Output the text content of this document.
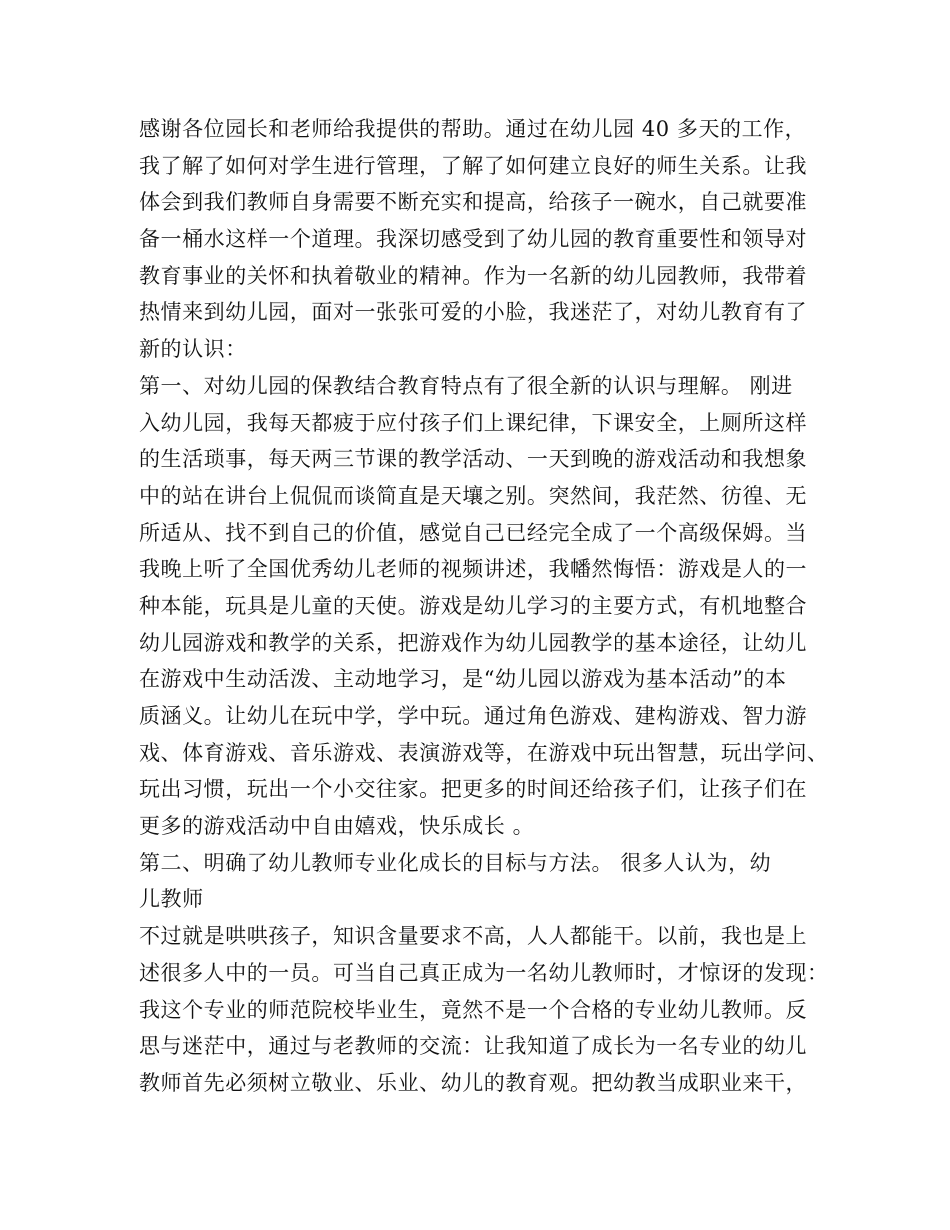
感谢各位园长和老师给我提供的帮助。通过在幼儿园 40 多天的工作，
我了解了如何对学生进行管理，了解了如何建立良好的师生关系。让我
体会到我们教师自身需要不断充实和提高，给孩子一碗水，自己就要准
备一桶水这样一个道理。我深切感受到了幼儿园的教育重要性和领导对
教育事业的关怀和执着敬业的精神。作为一名新的幼儿园教师，我带着
热情来到幼儿园，面对一张张可爱的小脸，我迷茫了，对幼儿教育有了
新的认识：
第一、对幼儿园的保教结合教育特点有了很全新的认识与理解。 刚进
入幼儿园，我每天都疲于应付孩子们上课纪律，下课安全，上厕所这样
的生活琐事，每天两三节课的教学活动、一天到晚的游戏活动和我想象
中的站在讲台上侃侃而谈简直是天壤之别。突然间，我茫然、彷徨、无
所适从、找不到自己的价值，感觉自己已经完全成了一个高级保姆。当
我晚上听了全国优秀幼儿老师的视频讲述，我幡然悔悟：游戏是人的一
种本能，玩具是儿童的天使。游戏是幼儿学习的主要方式，有机地整合
幼儿园游戏和教学的关系，把游戏作为幼儿园教学的基本途径，让幼儿
在游戏中生动活泼、主动地学习，是“幼儿园以游戏为基本活动”的本
质涵义。让幼儿在玩中学，学中玩。通过角色游戏、建构游戏、智力游
戏、体育游戏、音乐游戏、表演游戏等，在游戏中玩出智慧，玩出学问、
玩出习惯，玩出一个小交往家。把更多的时间还给孩子们，让孩子们在
更多的游戏活动中自由嬉戏，快乐成长 。
第二、明确了幼儿教师专业化成长的目标与方法。 很多人认为，幼
儿教师
不过就是哄哄孩子，知识含量要求不高，人人都能干。以前，我也是上
述很多人中的一员。可当自己真正成为一名幼儿教师时，才惊讶的发现：
我这个专业的师范院校毕业生，竟然不是一个合格的专业幼儿教师。反
思与迷茫中，通过与老教师的交流：让我知道了成长为一名专业的幼儿
教师首先必须树立敬业、乐业、幼儿的教育观。把幼教当成职业来干，
